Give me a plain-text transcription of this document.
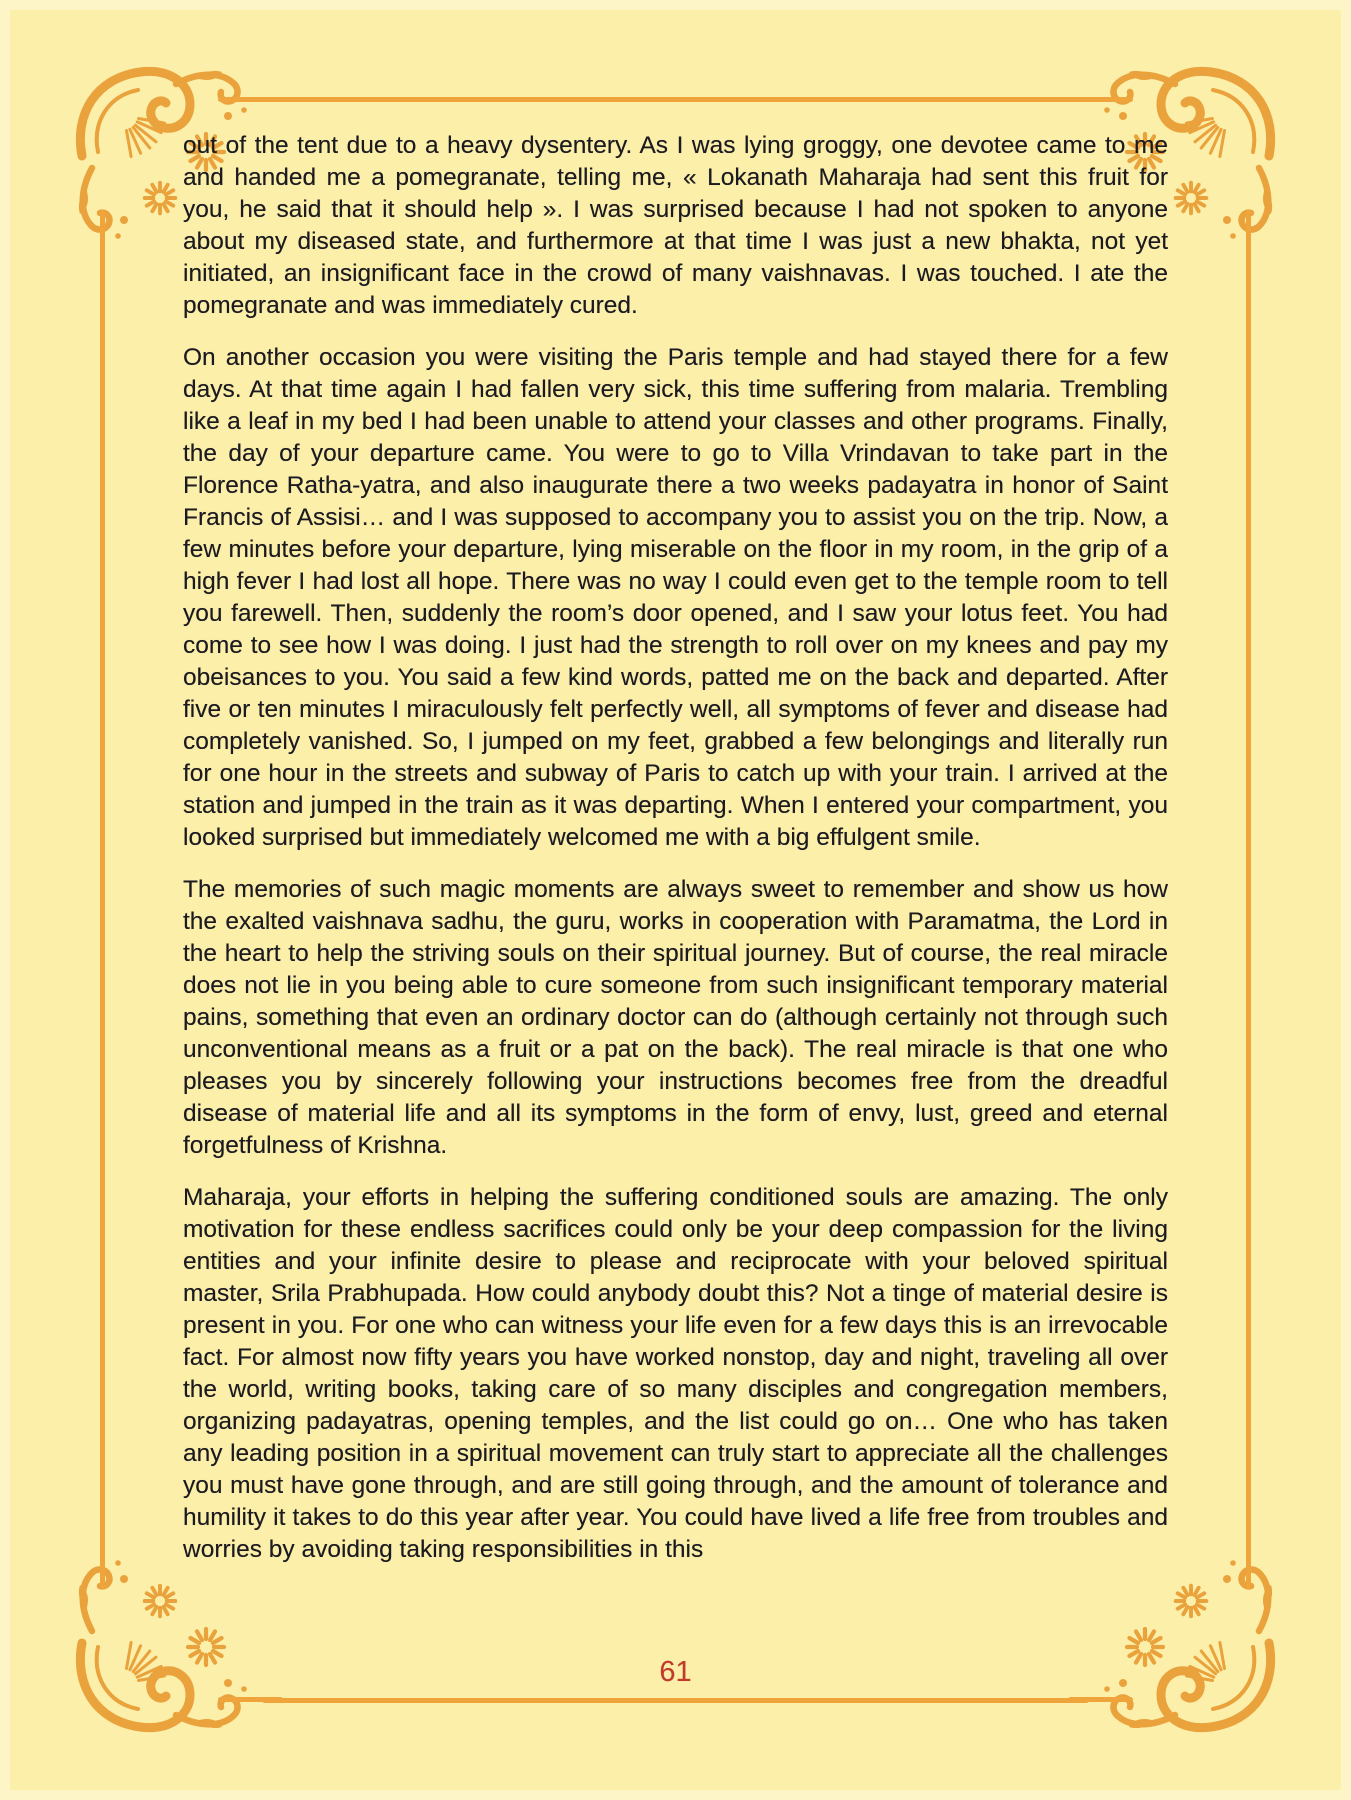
out of the tent due to a heavy dysentery. As I was lying groggy, one devotee came to me and handed me a pomegranate, telling me, « Lokanath Maharaja had sent this fruit for you, he said that it should help ». I was surprised because I had not spoken to anyone about my diseased state, and furthermore at that time I was just a new bhakta, not yet initiated, an insignificant face in the crowd of many vaishnavas. I was touched. I ate the pomegranate and was immediately cured.

On another occasion you were visiting the Paris temple and had stayed there for a few days. At that time again I had fallen very sick, this time suffering from malaria. Trembling like a leaf in my bed I had been unable to attend your classes and other programs. Finally, the day of your departure came. You were to go to Villa Vrindavan to take part in the Florence Ratha-yatra, and also inaugurate there a two weeks padayatra in honor of Saint Francis of Assisi… and I was supposed to accompany you to assist you on the trip. Now, a few minutes before your departure, lying miserable on the floor in my room, in the grip of a high fever I had lost all hope. There was no way I could even get to the temple room to tell you farewell. Then, suddenly the room’s door opened, and I saw your lotus feet. You had come to see how I was doing. I just had the strength to roll over on my knees and pay my obeisances to you. You said a few kind words, patted me on the back and departed. After five or ten minutes I miraculously felt perfectly well, all symptoms of fever and disease had completely vanished. So, I jumped on my feet, grabbed a few belongings and literally run for one hour in the streets and subway of Paris to catch up with your train. I arrived at the station and jumped in the train as it was departing. When I entered your compartment, you looked surprised but immediately welcomed me with a big effulgent smile.

The memories of such magic moments are always sweet to remember and show us how the exalted vaishnava sadhu, the guru, works in cooperation with Paramatma, the Lord in the heart to help the striving souls on their spiritual journey. But of course, the real miracle does not lie in you being able to cure someone from such insignificant temporary material pains, something that even an ordinary doctor can do (although certainly not through such unconventional means as a fruit or a pat on the back). The real miracle is that one who pleases you by sincerely following your instructions becomes free from the dreadful disease of material life and all its symptoms in the form of envy, lust, greed and eternal forgetfulness of Krishna.

Maharaja, your efforts in helping the suffering conditioned souls are amazing. The only motivation for these endless sacrifices could only be your deep compassion for the living entities and your infinite desire to please and reciprocate with your beloved spiritual master, Srila Prabhupada. How could anybody doubt this? Not a tinge of material desire is present in you. For one who can witness your life even for a few days this is an irrevocable fact. For almost now fifty years you have worked nonstop, day and night, traveling all over the world, writing books, taking care of so many disciples and congregation members, organizing padayatras, opening temples, and the list could go on… One who has taken any leading position in a spiritual movement can truly start to appreciate all the challenges you must have gone through, and are still going through, and the amount of tolerance and humility it takes to do this year after year. You could have lived a life free from troubles and worries by avoiding taking responsibilities in this

61
